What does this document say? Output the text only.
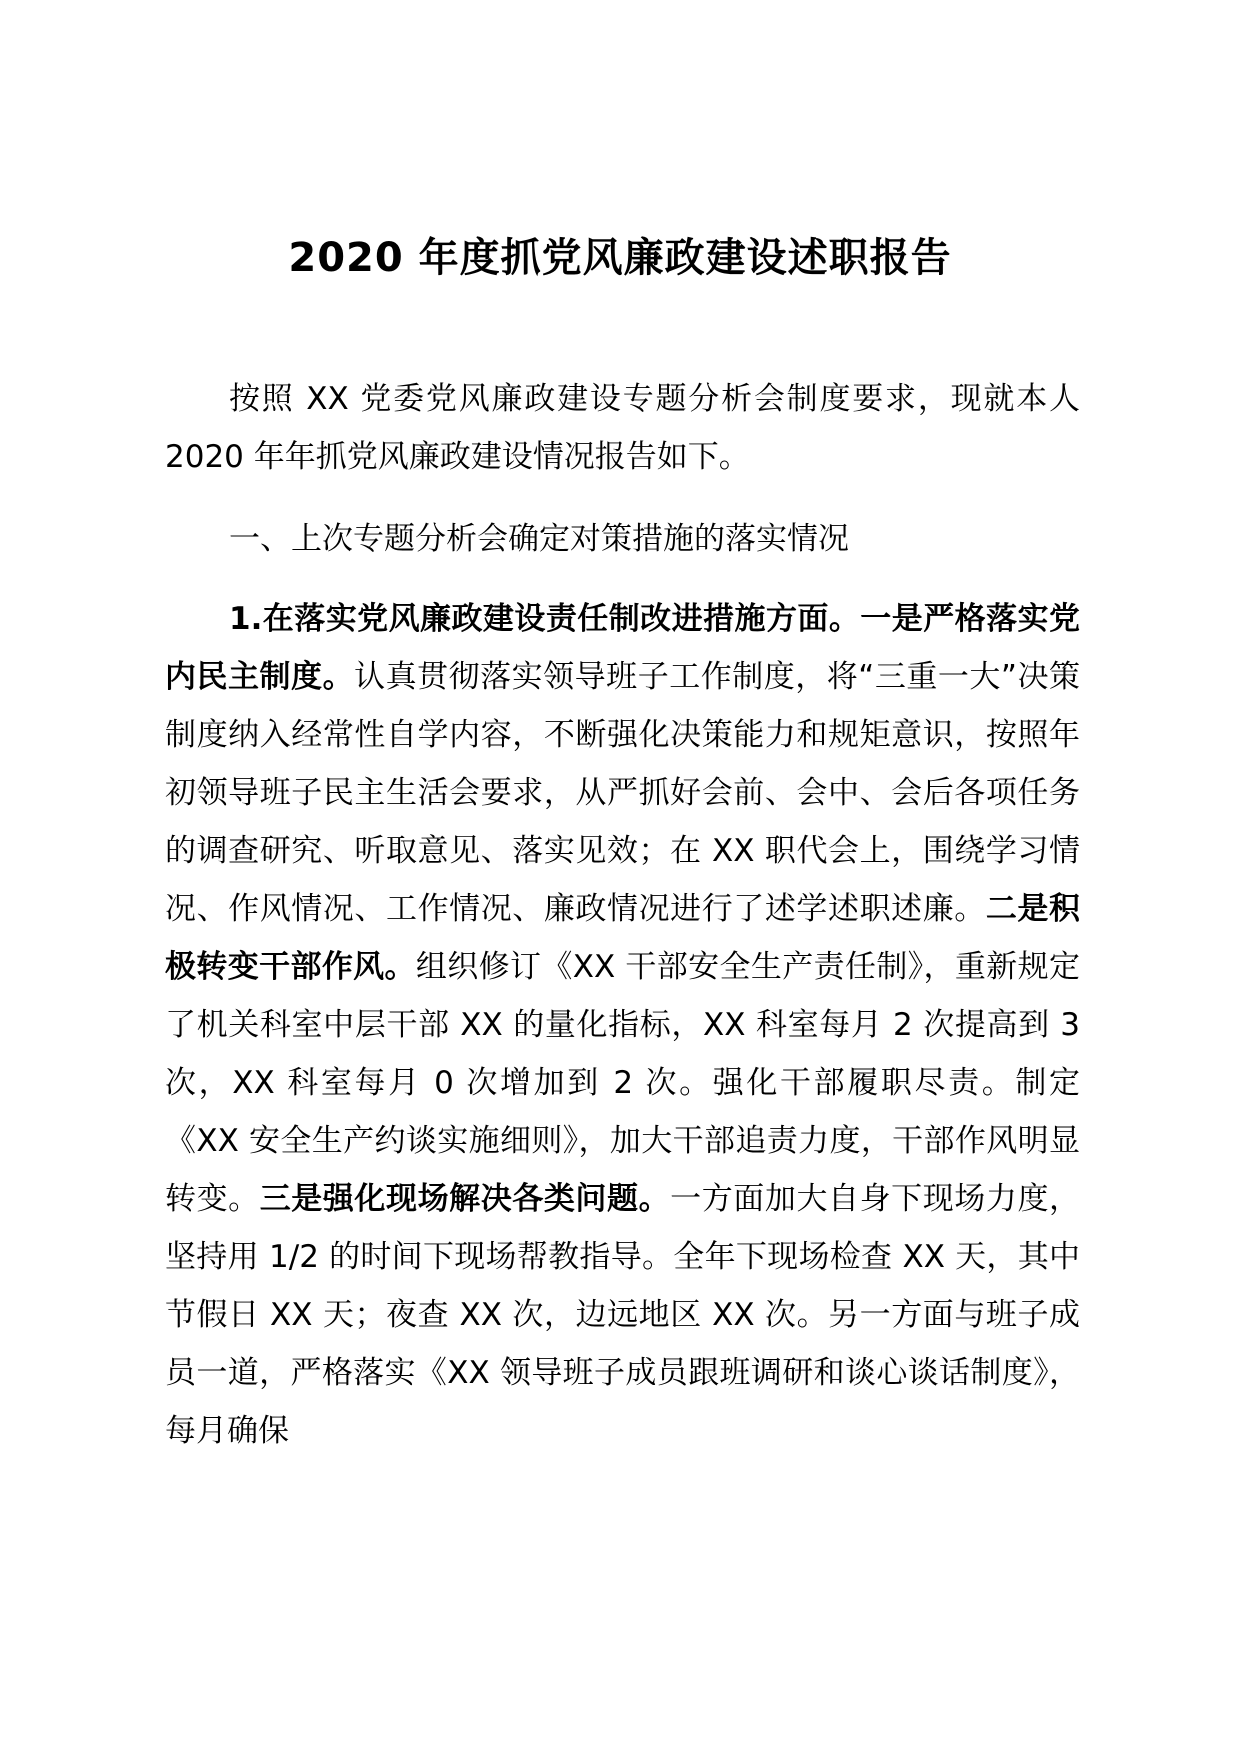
2020 年度抓党风廉政建设述职报告

按照 XX 党委党风廉政建设专题分析会制度要求，现就本人 2020 年年抓党风廉政建设情况报告如下。

一、上次专题分析会确定对策措施的落实情况

1.在落实党风廉政建设责任制改进措施方面。一是严格落实党内民主制度。认真贯彻落实领导班子工作制度，将“三重一大”决策制度纳入经常性自学内容，不断强化决策能力和规矩意识，按照年初领导班子民主生活会要求，从严抓好会前、会中、会后各项任务的调查研究、听取意见、落实见效；在 XX 职代会上，围绕学习情况、作风情况、工作情况、廉政情况进行了述学述职述廉。二是积极转变干部作风。组织修订《XX 干部安全生产责任制》，重新规定了机关科室中层干部 XX 的量化指标，XX 科室每月 2 次提高到 3 次，XX 科室每月 0 次增加到 2 次。强化干部履职尽责。制定《XX 安全生产约谈实施细则》，加大干部追责力度，干部作风明显转变。三是强化现场解决各类问题。一方面加大自身下现场力度，坚持用 1/2 的时间下现场帮教指导。全年下现场检查 XX 天，其中节假日 XX 天；夜查 XX 次，边远地区 XX 次。另一方面与班子成员一道，严格落实《XX 领导班子成员跟班调研和谈心谈话制度》，每月确保
